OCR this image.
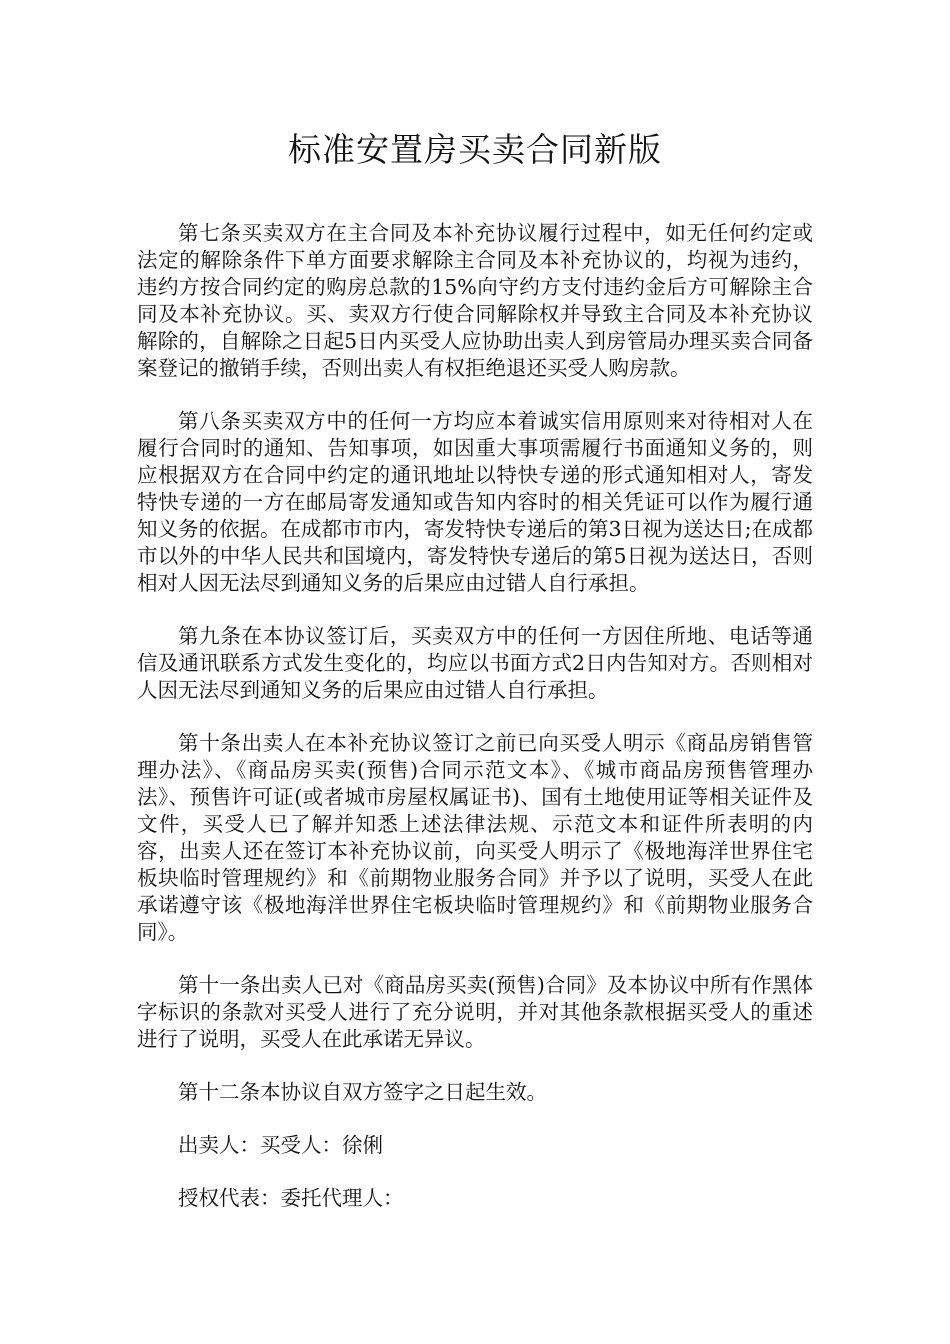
标准安置房买卖合同新版

第七条买卖双方在主合同及本补充协议履行过程中，如无任何约定或法定的解除条件下单方面要求解除主合同及本补充协议的，均视为违约，违约方按合同约定的购房总款的15%向守约方支付违约金后方可解除主合同及本补充协议。买、卖双方行使合同解除权并导致主合同及本补充协议解除的，自解除之日起5日内买受人应协助出卖人到房管局办理买卖合同备案登记的撤销手续，否则出卖人有权拒绝退还买受人购房款。

第八条买卖双方中的任何一方均应本着诚实信用原则来对待相对人在履行合同时的通知、告知事项，如因重大事项需履行书面通知义务的，则应根据双方在合同中约定的通讯地址以特快专递的形式通知相对人，寄发特快专递的一方在邮局寄发通知或告知内容时的相关凭证可以作为履行通知义务的依据。在成都市市内，寄发特快专递后的第3日视为送达日;在成都市以外的中华人民共和国境内，寄发特快专递后的第5日视为送达日，否则相对人因无法尽到通知义务的后果应由过错人自行承担。

第九条在本协议签订后，买卖双方中的任何一方因住所地、电话等通信及通讯联系方式发生变化的，均应以书面方式2日内告知对方。否则相对人因无法尽到通知义务的后果应由过错人自行承担。

第十条出卖人在本补充协议签订之前已向买受人明示《商品房销售管理办法》、《商品房买卖(预售)合同示范文本》、《城市商品房预售管理办法》、预售许可证(或者城市房屋权属证书)、国有土地使用证等相关证件及文件，买受人已了解并知悉上述法律法规、示范文本和证件所表明的内容，出卖人还在签订本补充协议前，向买受人明示了《极地海洋世界住宅板块临时管理规约》和《前期物业服务合同》并予以了说明，买受人在此承诺遵守该《极地海洋世界住宅板块临时管理规约》和《前期物业服务合同》。

第十一条出卖人已对《商品房买卖(预售)合同》及本协议中所有作黑体字标识的条款对买受人进行了充分说明，并对其他条款根据买受人的重述进行了说明，买受人在此承诺无异议。

第十二条本协议自双方签字之日起生效。

出卖人：买受人：徐俐

授权代表：委托代理人：
